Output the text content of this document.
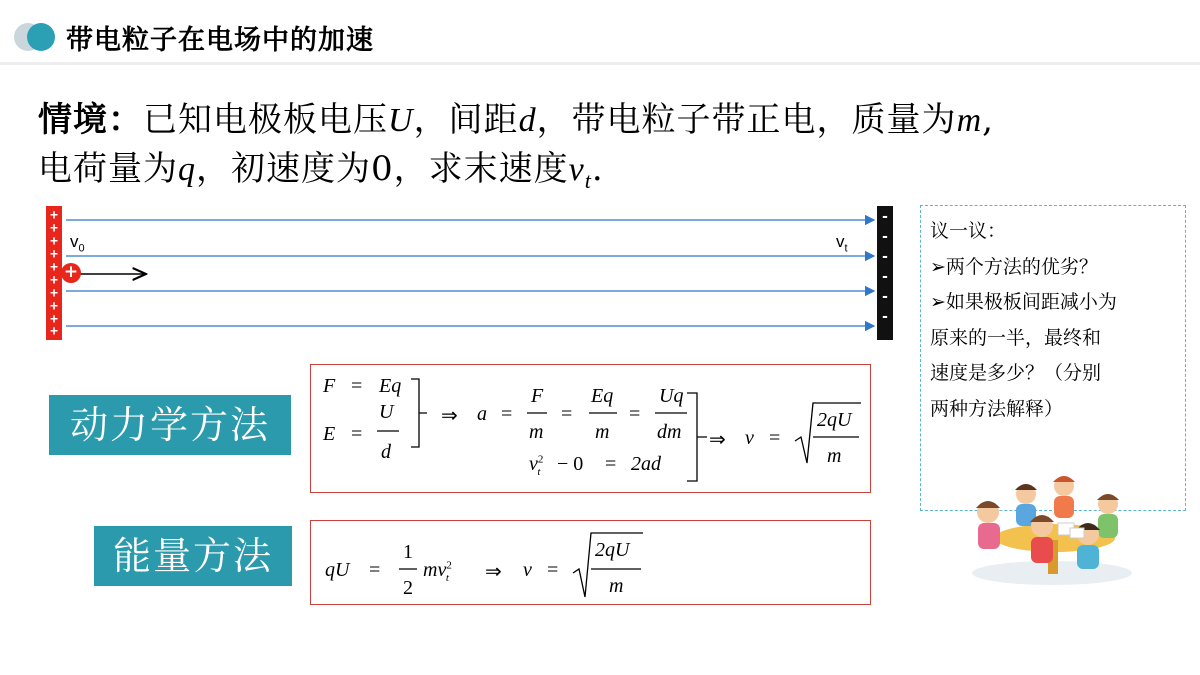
带电粒子在电场中的加速
情境：已知电极板电压U，间距d，带电粒子带正电，质量为m,
电荷量为q，初速度为0，求末速度$v_t$.
+
+
+
+
+
+
+
+
+
+
-
-
-
-
-
-
$v_0$	$v_t$
+
议一议：
➢两个方法的优劣？
➢如果极板间距减小为
原来的一半，最终和
速度是多少？（分别
两种方法解释）
动力学方法
能量方法
F = Eq
E =
U
d
⇒ a =
F
m
=
Eq
m
=
Uq
dm
$v^2_t - 0 = 2ad$
⇒ v =
2qU
m
qU =
1
2
$mv^2_t$ ⇒ v =
2qU
m
